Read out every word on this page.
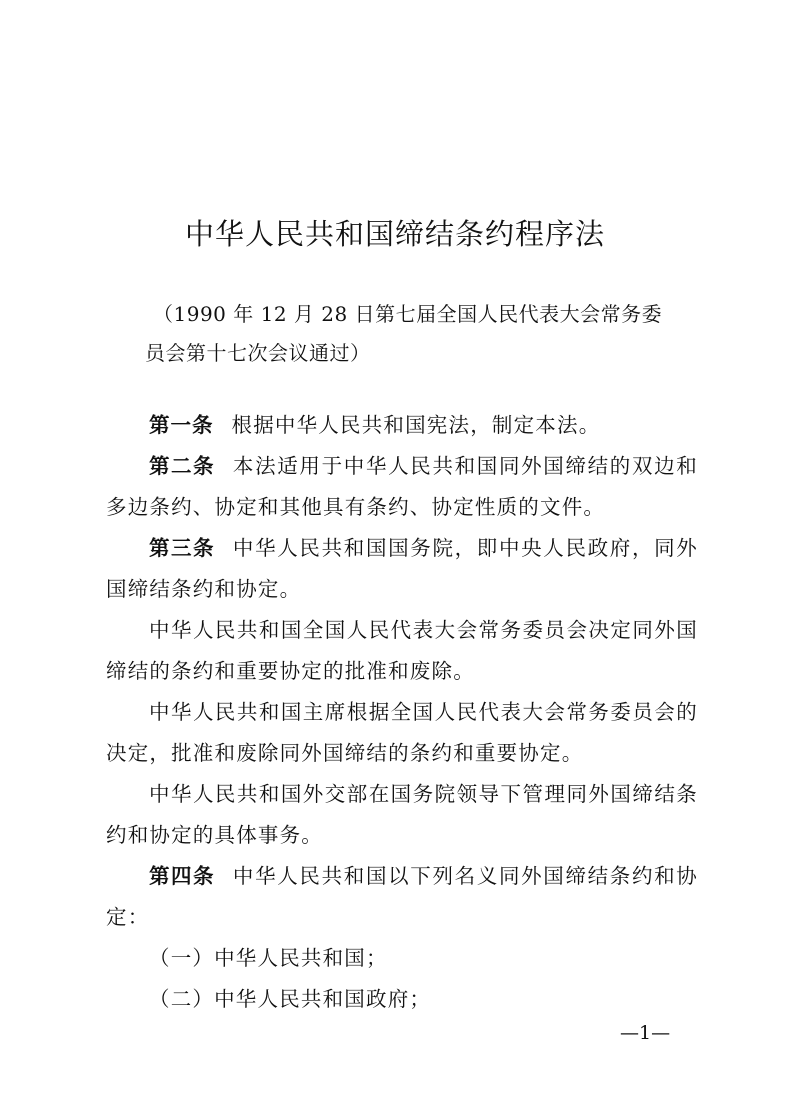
中华人民共和国缔结条约程序法
（1990 年 12 月 28 日第七届全国人民代表大会常务委
员会第十七次会议通过）

第一条 根据中华人民共和国宪法，制定本法。

第二条 本法适用于中华人民共和国同外国缔结的双边和多边条约、协定和其他具有条约、协定性质的文件。

第三条 中华人民共和国国务院，即中央人民政府，同外国缔结条约和协定。

中华人民共和国全国人民代表大会常务委员会决定同外国缔结的条约和重要协定的批准和废除。

中华人民共和国主席根据全国人民代表大会常务委员会的决定，批准和废除同外国缔结的条约和重要协定。

中华人民共和国外交部在国务院领导下管理同外国缔结条约和协定的具体事务。

第四条 中华人民共和国以下列名义同外国缔结条约和协定：

（一）中华人民共和国；

（二）中华人民共和国政府；

—1—
